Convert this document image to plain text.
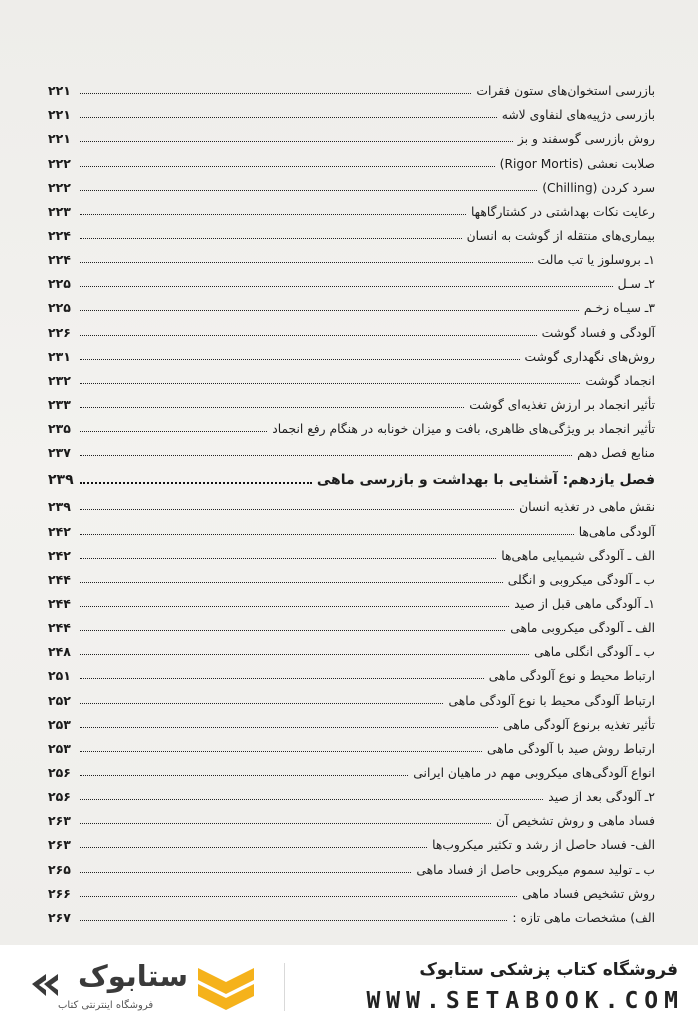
بازرسی استخوان‌های ستون فقرات
۲۲۱
بازرسی دژپیه‌های لنفاوی لاشه
۲۲۱
روش بازرسی گوسفند و بز
۲۲۱
صلابت نعشی (Rigor Mortis)
۲۲۲
سرد کردن (Chilling)
۲۲۲
رعایت نکات بهداشتی در کشتارگاهها
۲۲۳
بیماری‌های منتقله از گوشت به انسان
۲۲۴
۱ـ بروسلوز یا تب مالت
۲۲۴
۲ـ سـل
۲۲۵
۳ـ سیـاه زخـم
۲۲۵
آلودگی و فساد گوشت
۲۲۶
روش‌های نگهداری گوشت
۲۳۱
انجماد گوشت
۲۳۲
تأثیر انجماد بر ارزش تغذیه‌ای گوشت
۲۳۳
تأثیر انجماد بر ویژگی‌های ظاهری، بافت و میزان خونابه در هنگام رفع انجماد
۲۳۵
منابع فصل دهم
۲۳۷
فصل یازدهم: آشنایی با بهداشت و بازرسی ماهی
۲۳۹
نقش ماهی در تغذیه انسان
۲۳۹
آلودگی ماهی‌ها
۲۴۲
الف ـ آلودگی شیمیایی ماهی‌ها
۲۴۲
ب ـ آلودگی میکروبی و انگلی
۲۴۴
۱ـ آلودگی ماهی قبل از صید
۲۴۴
الف ـ آلودگی میکروبی ماهی
۲۴۴
ب ـ آلودگی انگلی ماهی
۲۴۸
ارتباط محیط و نوع آلودگی ماهی
۲۵۱
ارتباط آلودگی محیط با نوع آلودگی ماهی
۲۵۲
تأثیر تغذیه برنوع آلودگی ماهی
۲۵۳
ارتباط روش صید با آلودگی ماهی
۲۵۳
انواع آلودگی‌های میکروبی مهم در ماهیان ایرانی
۲۵۶
۲ـ آلودگی بعد از صید
۲۵۶
فساد ماهی و روش تشخیص آن
۲۶۳
الف- فساد حاصل از رشد و تکثیر میکروب‌ها
۲۶۳
ب ـ تولید سموم میکروبی حاصل از فساد ماهی
۲۶۵
روش تشخیص فساد ماهی
۲۶۶
الف) مشخصات ماهی تازه :
۲۶۷
ستابوک
فروشگاه اینترنتی کتاب
فروشگاه کتاب پزشکی ستابوک
WWW.SETABOOK.COM
